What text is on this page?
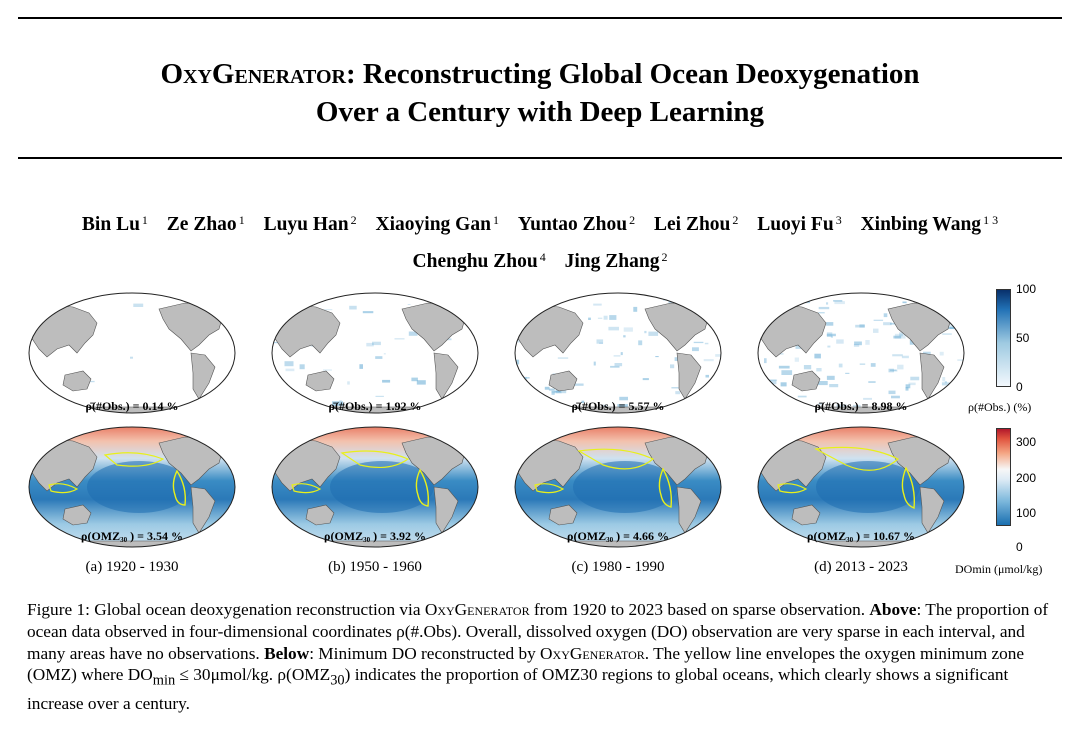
OxyGenerator: Reconstructing Global Ocean Deoxygenation
Over a Century with Deep Learning
Bin Lu $^1$ Ze Zhao $^1$ Luyu Han $^2$ Xiaoying Gan $^1$ Yuntao Zhou $^2$ Lei Zhou $^2$ Luoyi Fu $^3$ Xinbing Wang $^{1 3}$
Chenghu Zhou $^4$ Jing Zhang $^2$
ρ̄(#Obs.) = 0.14 %	ρ̄(#Obs.) = 1.92 %	ρ̄(#Obs.) = 5.57 %	ρ̄(#Obs.) = 8.98 %
$\rho(OMZ_{30}$ ) = 3.54 %	$\rho(OMZ_{30}$ ) = 3.92 %	$\rho(OMZ_{30}$ ) = 4.66 %	$\rho(OMZ_{30}$ ) = 10.67 %
(a) 1920 - 1930	(b) 1950 - 1960	(c) 1980 - 1990	(d) 2013 - 2023
100
50
0
ρ(#Obs.) (%)
300
200
100
0
DOmin (μmol/kg)
Figure 1: Global ocean deoxygenation reconstruction via OxyGenerator from 1920 to 2023 based on sparse observation. Above: The proportion of ocean data observed in four-dimensional coordinates ρ(#.Obs). Overall, dissolved oxygen (DO) observation are very sparse in each interval, and many areas have no observations. Below: Minimum DO reconstructed by OxyGenerator. The yellow line envelopes the oxygen minimum zone (OMZ) where $DO_{min} \le 30\mu mol/kg$. $\rho(OMZ_{30})$ indicates the proportion of OMZ30 regions to global oceans, which clearly shows a significant increase over a century.
